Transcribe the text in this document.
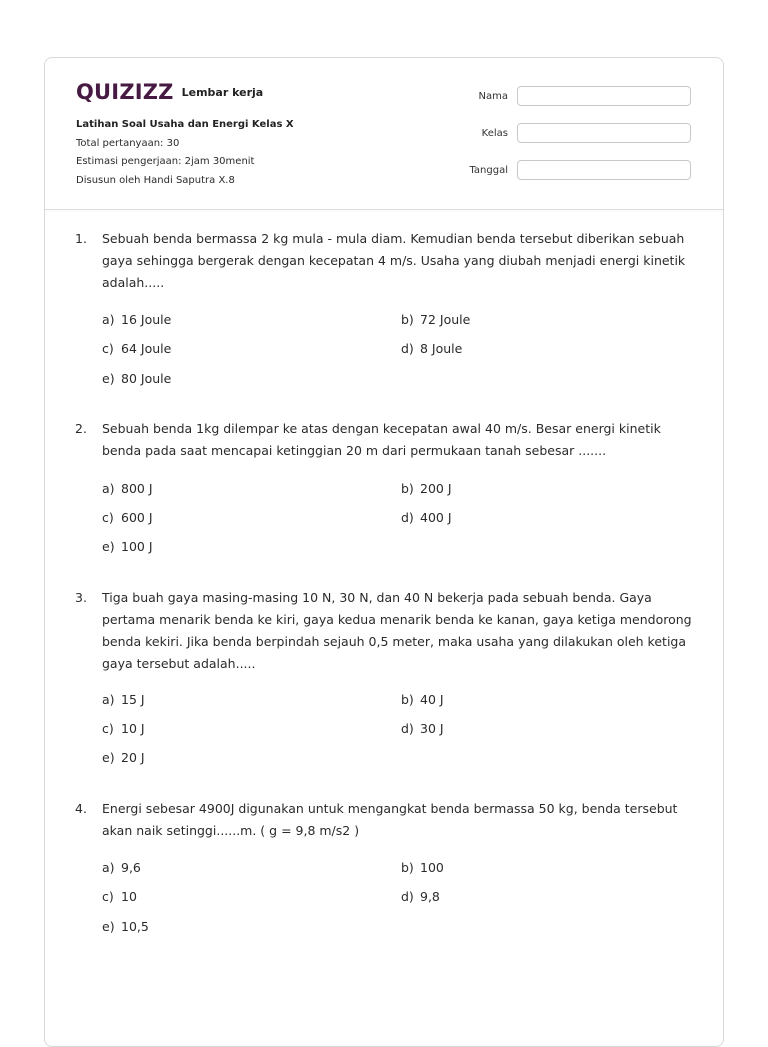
QUIZIZZ Lembar kerja
Latihan Soal Usaha dan Energi Kelas X
Total pertanyaan: 30
Estimasi pengerjaan: 2jam 30menit
Disusun oleh Handi Saputra X.8
Nama
Kelas
Tanggal
1. Sebuah benda bermassa 2 kg mula - mula diam. Kemudian benda tersebut diberikan sebuah gaya sehingga bergerak dengan kecepatan 4 m/s. Usaha yang diubah menjadi energi kinetik adalah.....
a) 16 Joule	b) 72 Joule
c) 64 Joule	d) 8 Joule
e) 80 Joule
2. Sebuah benda 1kg dilempar ke atas dengan kecepatan awal 40 m/s. Besar energi kinetik benda pada saat mencapai ketinggian 20 m dari permukaan tanah sebesar .......
a) 800 J	b) 200 J
c) 600 J	d) 400 J
e) 100 J
3. Tiga buah gaya masing-masing 10 N, 30 N, dan 40 N bekerja pada sebuah benda. Gaya pertama menarik benda ke kiri, gaya kedua menarik benda ke kanan, gaya ketiga mendorong benda kekiri. Jika benda berpindah sejauh 0,5 meter, maka usaha yang dilakukan oleh ketiga gaya tersebut adalah.....
a) 15 J	b) 40 J
c) 10 J	d) 30 J
e) 20 J
4. Energi sebesar 4900J digunakan untuk mengangkat benda bermassa 50 kg, benda tersebut akan naik setinggi......m. ( g = 9,8 m/s2 )
a) 9,6	b) 100
c) 10	d) 9,8
e) 10,5
